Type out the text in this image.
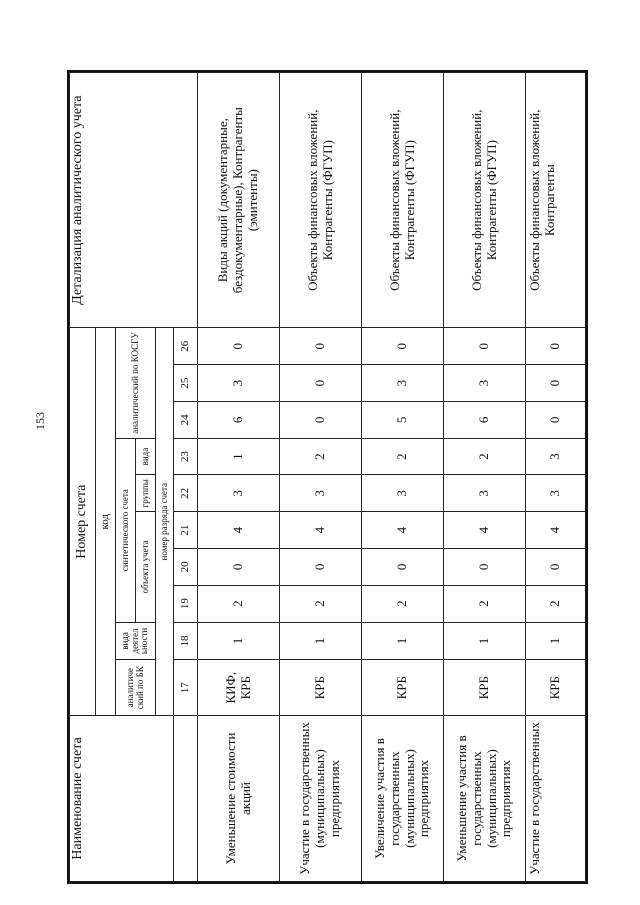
153
Наименование счета	Номер счета										Детализация аналитического учета
	код										
	аналитиче ский по БК	вида деятел ьности	синтетического счета					аналитический по КОСГУ			
			объекта учета			группы	вида				
	номер разряда счета										
	17	18	19	20	21	22	23	24	25	26	
Уменьшение стоимости акций	КИФ, КРБ	1	2	0	4	3	1	6	3	0	Виды акций (документарные, бездокументарные), Контрагенты (эмитенты)
Участие в государственных (муниципальных) предприятиях	КРБ	1	2	0	4	3	2	0	0	0	Объекты финансовых вложений, Контрагенты (ФГУП)
Увеличение участия в государственных (муниципальных) предприятиях	КРБ	1	2	0	4	3	2	5	3	0	Объекты финансовых вложений, Контрагенты (ФГУП)
Уменьшение участия в государственных (муниципальных) предприятиях	КРБ	1	2	0	4	3	2	6	3	0	Объекты финансовых вложений, Контрагенты (ФГУП)
Участие в государственных	КРБ	1	2	0	4	3	3	0	0	0	Объекты финансовых вложений, Контрагенты
